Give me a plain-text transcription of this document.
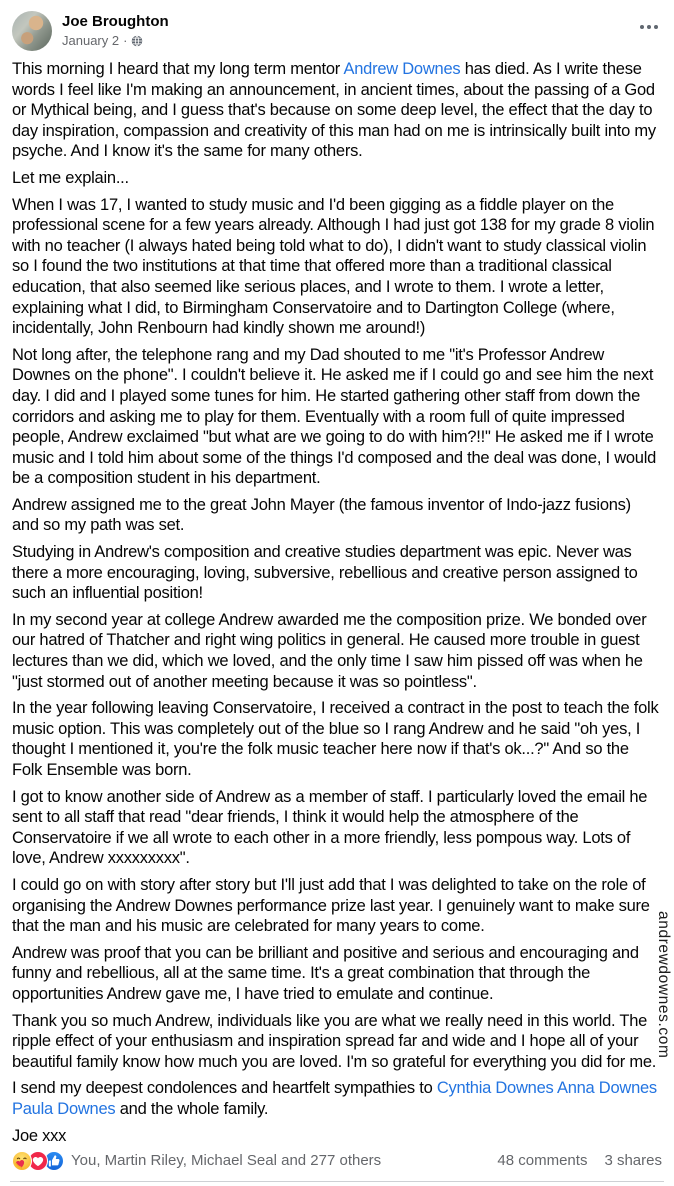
Joe Broughton
January 2 ·

This morning I heard that my long term mentor Andrew Downes has died. As I write these words I feel like I'm making an announcement, in ancient times, about the passing of a God or Mythical being, and I guess that's because on some deep level, the effect that the day to day inspiration, compassion and creativity of this man had on me is intrinsically built into my psyche. And I know it's the same for many others.

Let me explain...

When I was 17, I wanted to study music and I'd been gigging as a fiddle player on the professional scene for a few years already. Although I had just got 138 for my grade 8 violin with no teacher (I always hated being told what to do), I didn't want to study classical violin so I found the two institutions at that time that offered more than a traditional classical education, that also seemed like serious places, and I wrote to them. I wrote a letter, explaining what I did, to Birmingham Conservatoire and to Dartington College (where, incidentally, John Renbourn had kindly shown me around!)

Not long after, the telephone rang and my Dad shouted to me "it's Professor Andrew Downes on the phone". I couldn't believe it. He asked me if I could go and see him the next day. I did and I played some tunes for him. He started gathering other staff from down the corridors and asking me to play for them. Eventually with a room full of quite impressed people, Andrew exclaimed "but what are we going to do with him?!!" He asked me if I wrote music and I told him about some of the things I'd composed and the deal was done, I would be a composition student in his department.

Andrew assigned me to the great John Mayer (the famous inventor of Indo-jazz fusions) and so my path was set.

Studying in Andrew's composition and creative studies department was epic. Never was there a more encouraging, loving, subversive, rebellious and creative person assigned to such an influential position!

In my second year at college Andrew awarded me the composition prize. We bonded over our hatred of Thatcher and right wing politics in general. He caused more trouble in guest lectures than we did, which we loved, and the only time I saw him pissed off was when he "just stormed out of another meeting because it was so pointless".

In the year following leaving Conservatoire, I received a contract in the post to teach the folk music option. This was completely out of the blue so I rang Andrew and he said "oh yes, I thought I mentioned it, you're the folk music teacher here now if that's ok...?" And so the Folk Ensemble was born.

I got to know another side of Andrew as a member of staff. I particularly loved the email he sent to all staff that read "dear friends, I think it would help the atmosphere of the Conservatoire if we all wrote to each other in a more friendly, less pompous way. Lots of love, Andrew xxxxxxxxx".

I could go on with story after story but I'll just add that I was delighted to take on the role of organising the Andrew Downes performance prize last year. I genuinely want to make sure that the man and his music are celebrated for many years to come.

Andrew was proof that you can be brilliant and positive and serious and encouraging and funny and rebellious, all at the same time. It's a great combination that through the opportunities Andrew gave me, I have tried to emulate and continue.

Thank you so much Andrew, individuals like you are what we really need in this world. The ripple effect of your enthusiasm and inspiration spread far and wide and I hope all of your beautiful family know how much you are loved. I'm so grateful for everything you did for me.

I send my deepest condolences and heartfelt sympathies to Cynthia Downes Anna Downes Paula Downes and the whole family.

Joe xxx

andrewdownes.com
You, Martin Riley, Michael Seal and 277 others	48 comments 3 shares
